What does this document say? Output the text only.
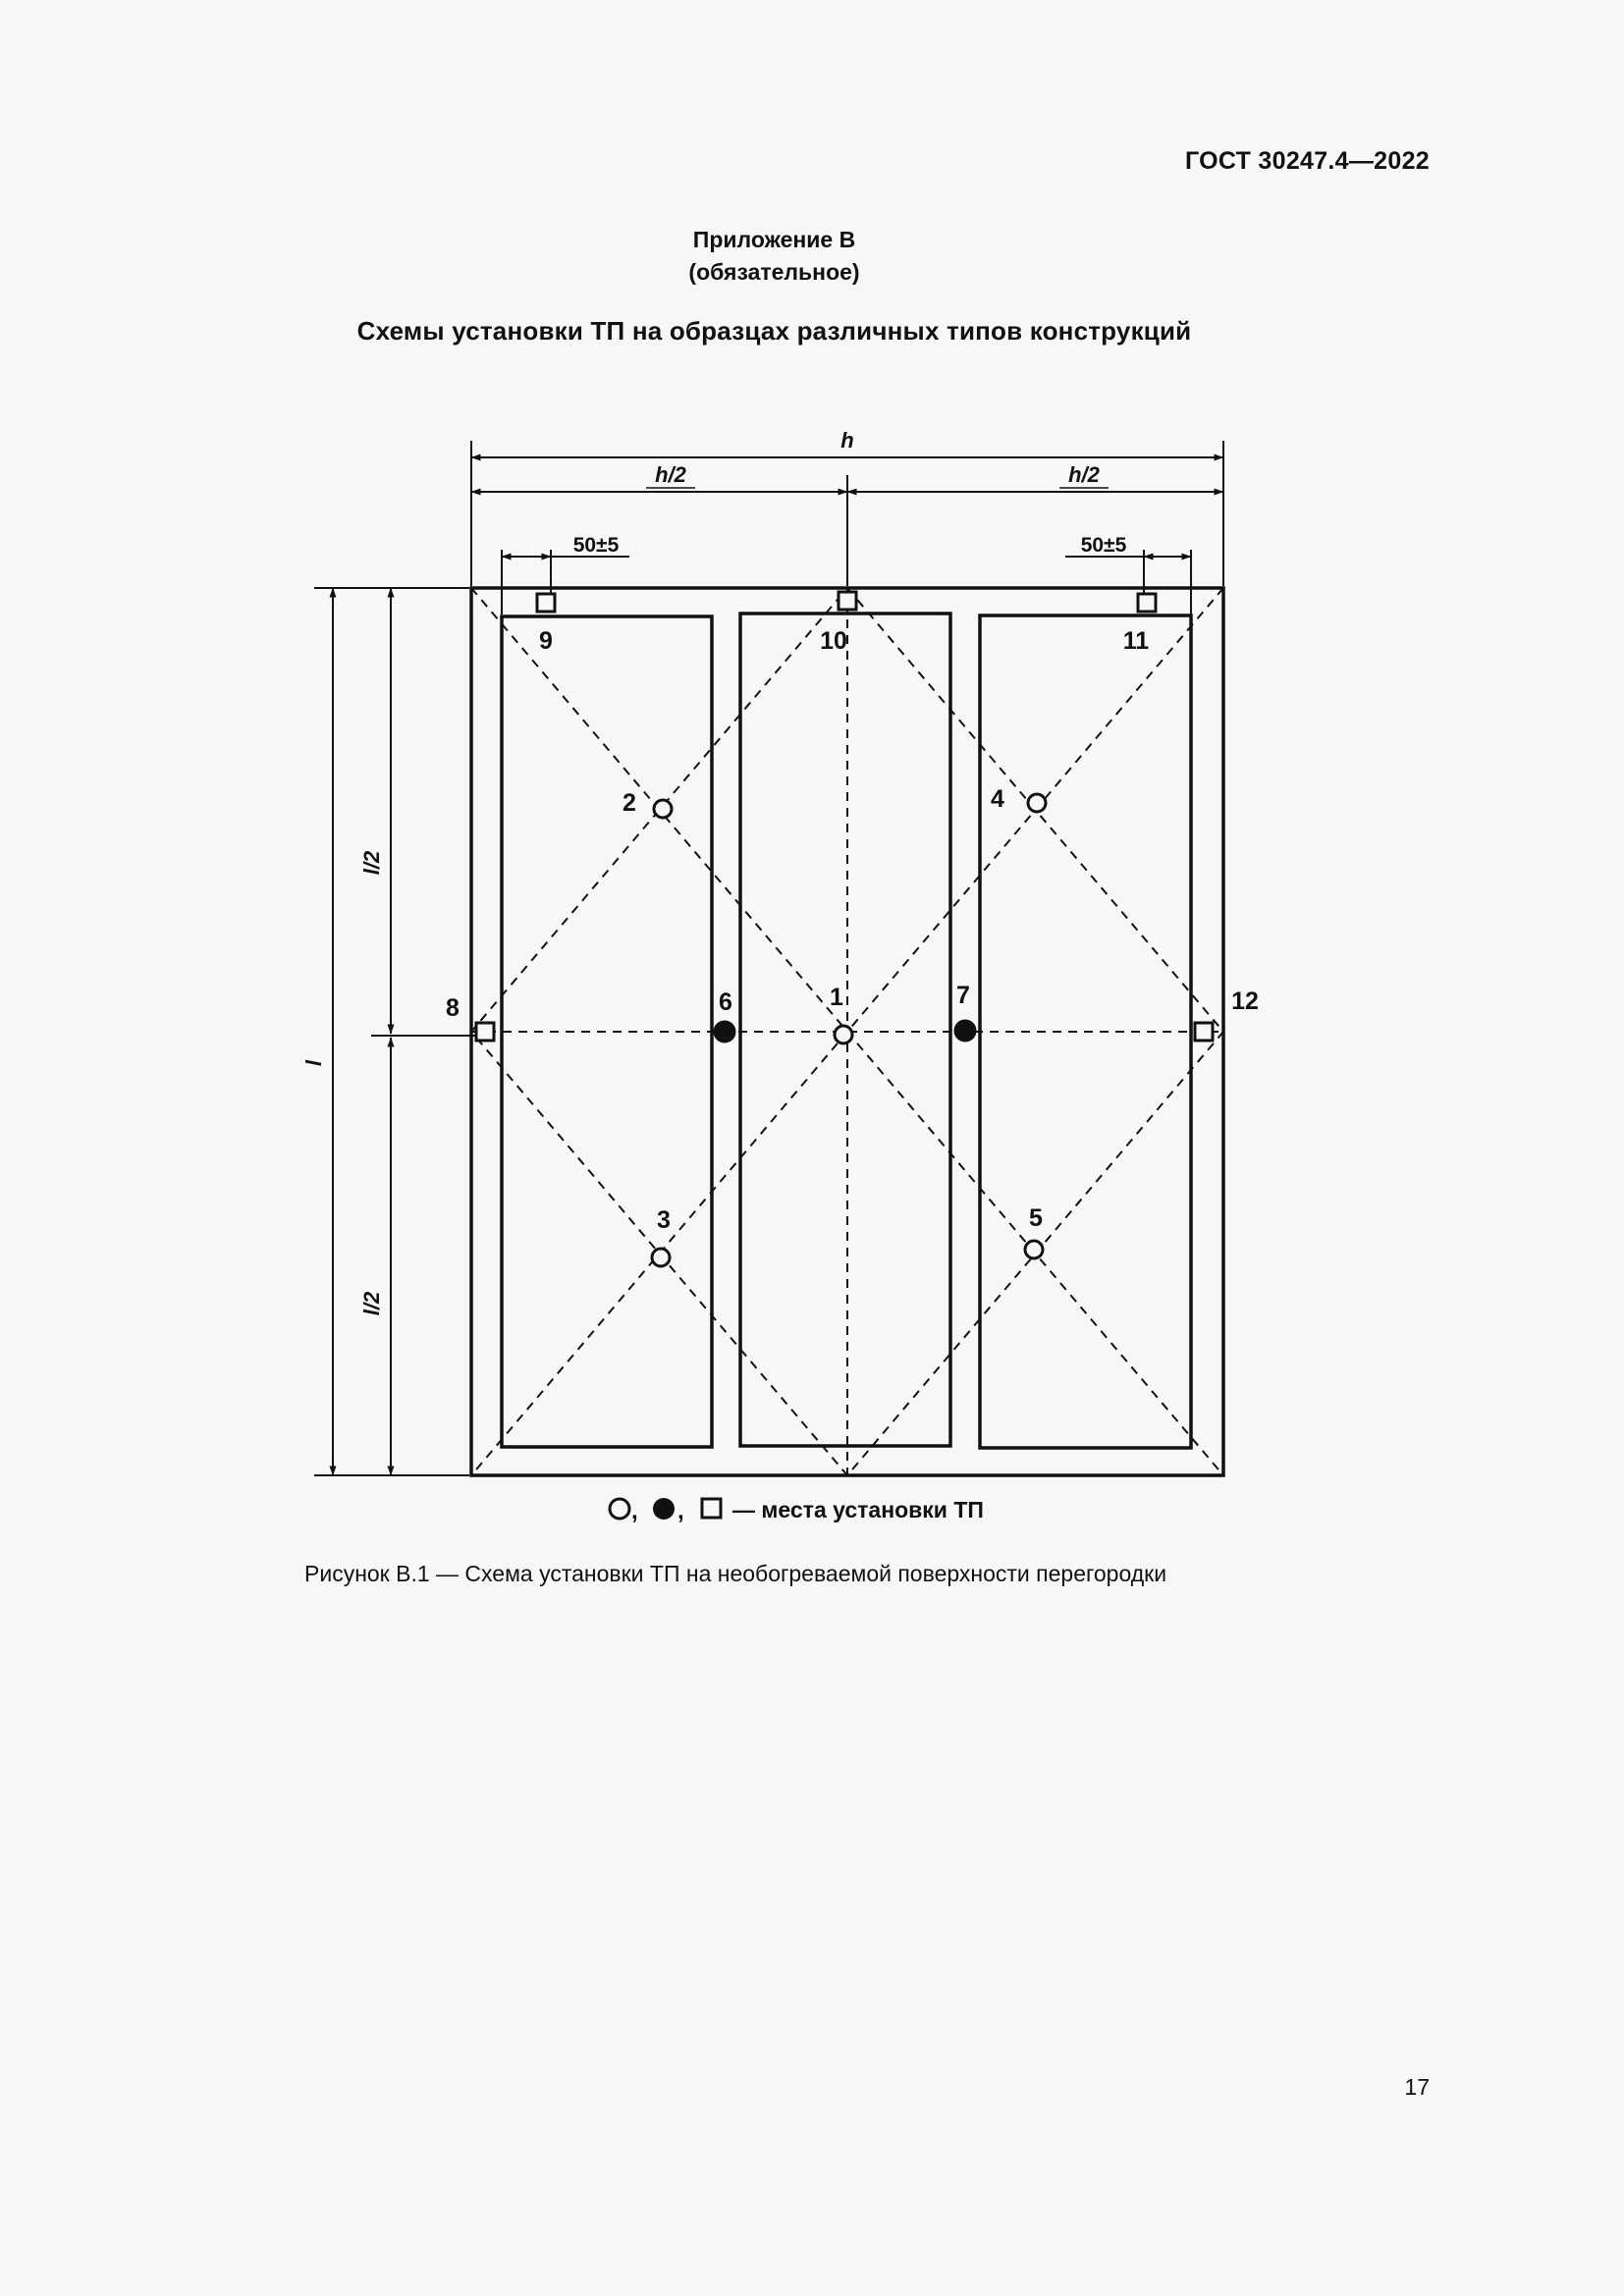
ГОСТ 30247.4—2022
Приложение В
(обязательное)
Схемы установки ТП на образцах различных типов конструкций
h
h/2	h/2
50±5	50±5
l
l/2
l/2
1
2
3
4
5
6	7
8
9	10	11
12
, , — места установки ТП
Рисунок В.1 — Схема установки ТП на необогреваемой поверхности перегородки
17
